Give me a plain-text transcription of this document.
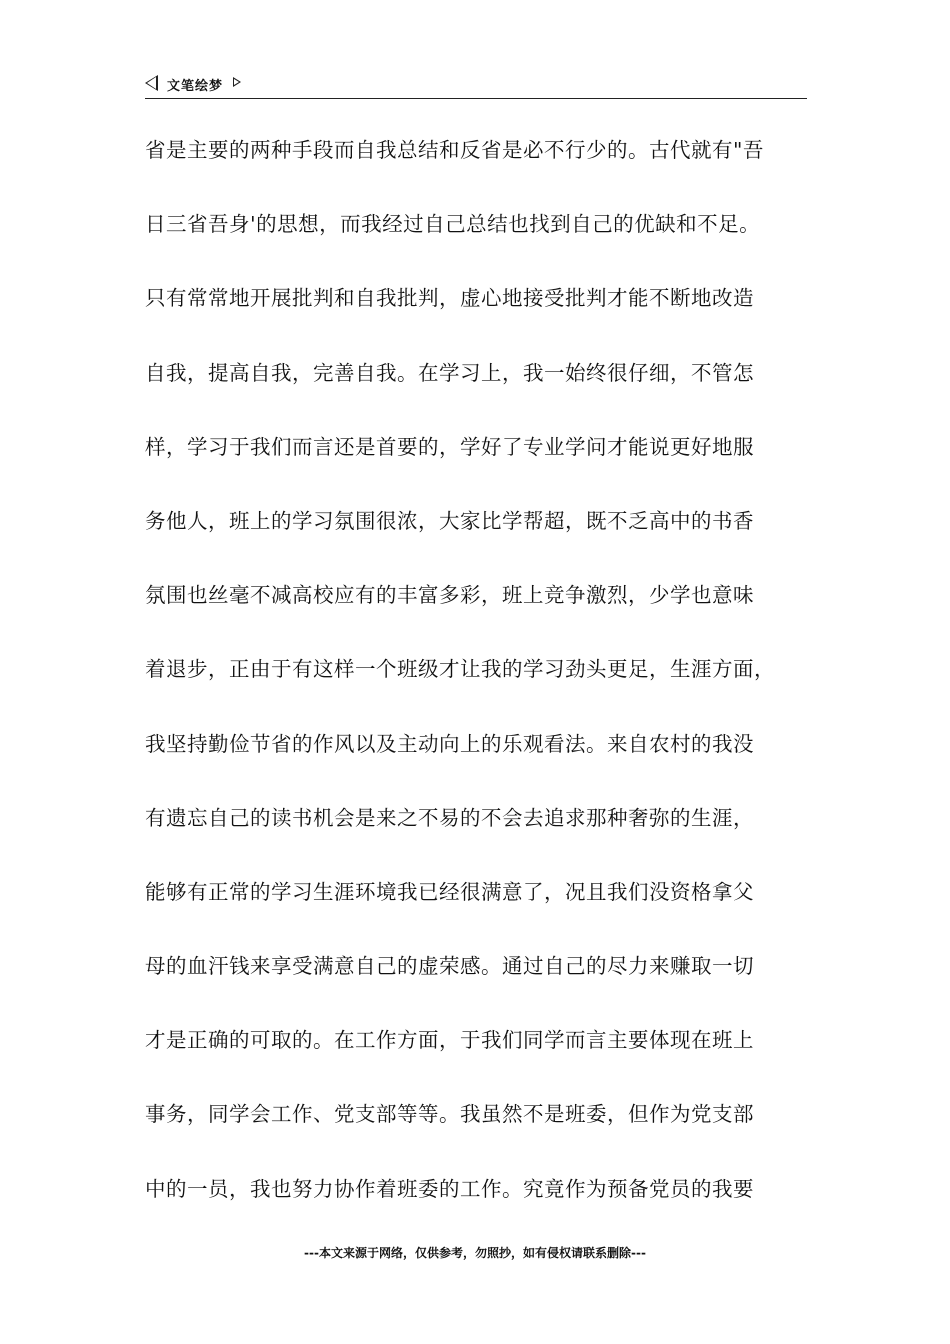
文笔绘梦
省是主要的两种手段而自我总结和反省是必不行少的。古代就有"吾
日三省吾身'的思想，而我经过自己总结也找到自己的优缺和不足。
只有常常地开展批判和自我批判，虚心地接受批判才能不断地改造
自我，提高自我，完善自我。在学习上，我一始终很仔细，不管怎
样，学习于我们而言还是首要的，学好了专业学问才能说更好地服
务他人，班上的学习氛围很浓，大家比学帮超，既不乏高中的书香
氛围也丝毫不减高校应有的丰富多彩，班上竞争激烈，少学也意味
着退步，正由于有这样一个班级才让我的学习劲头更足，生涯方面，
我坚持勤俭节省的作风以及主动向上的乐观看法。来自农村的我没
有遗忘自己的读书机会是来之不易的不会去追求那种奢弥的生涯，
能够有正常的学习生涯环境我已经很满意了，况且我们没资格拿父
母的血汗钱来享受满意自己的虚荣感。通过自己的尽力来赚取一切
才是正确的可取的。在工作方面，于我们同学而言主要体现在班上
事务，同学会工作、党支部等等。我虽然不是班委，但作为党支部
中的一员，我也努力协作着班委的工作。究竟作为预备党员的我要
---本文来源于网络，仅供参考，勿照抄，如有侵权请联系删除---
